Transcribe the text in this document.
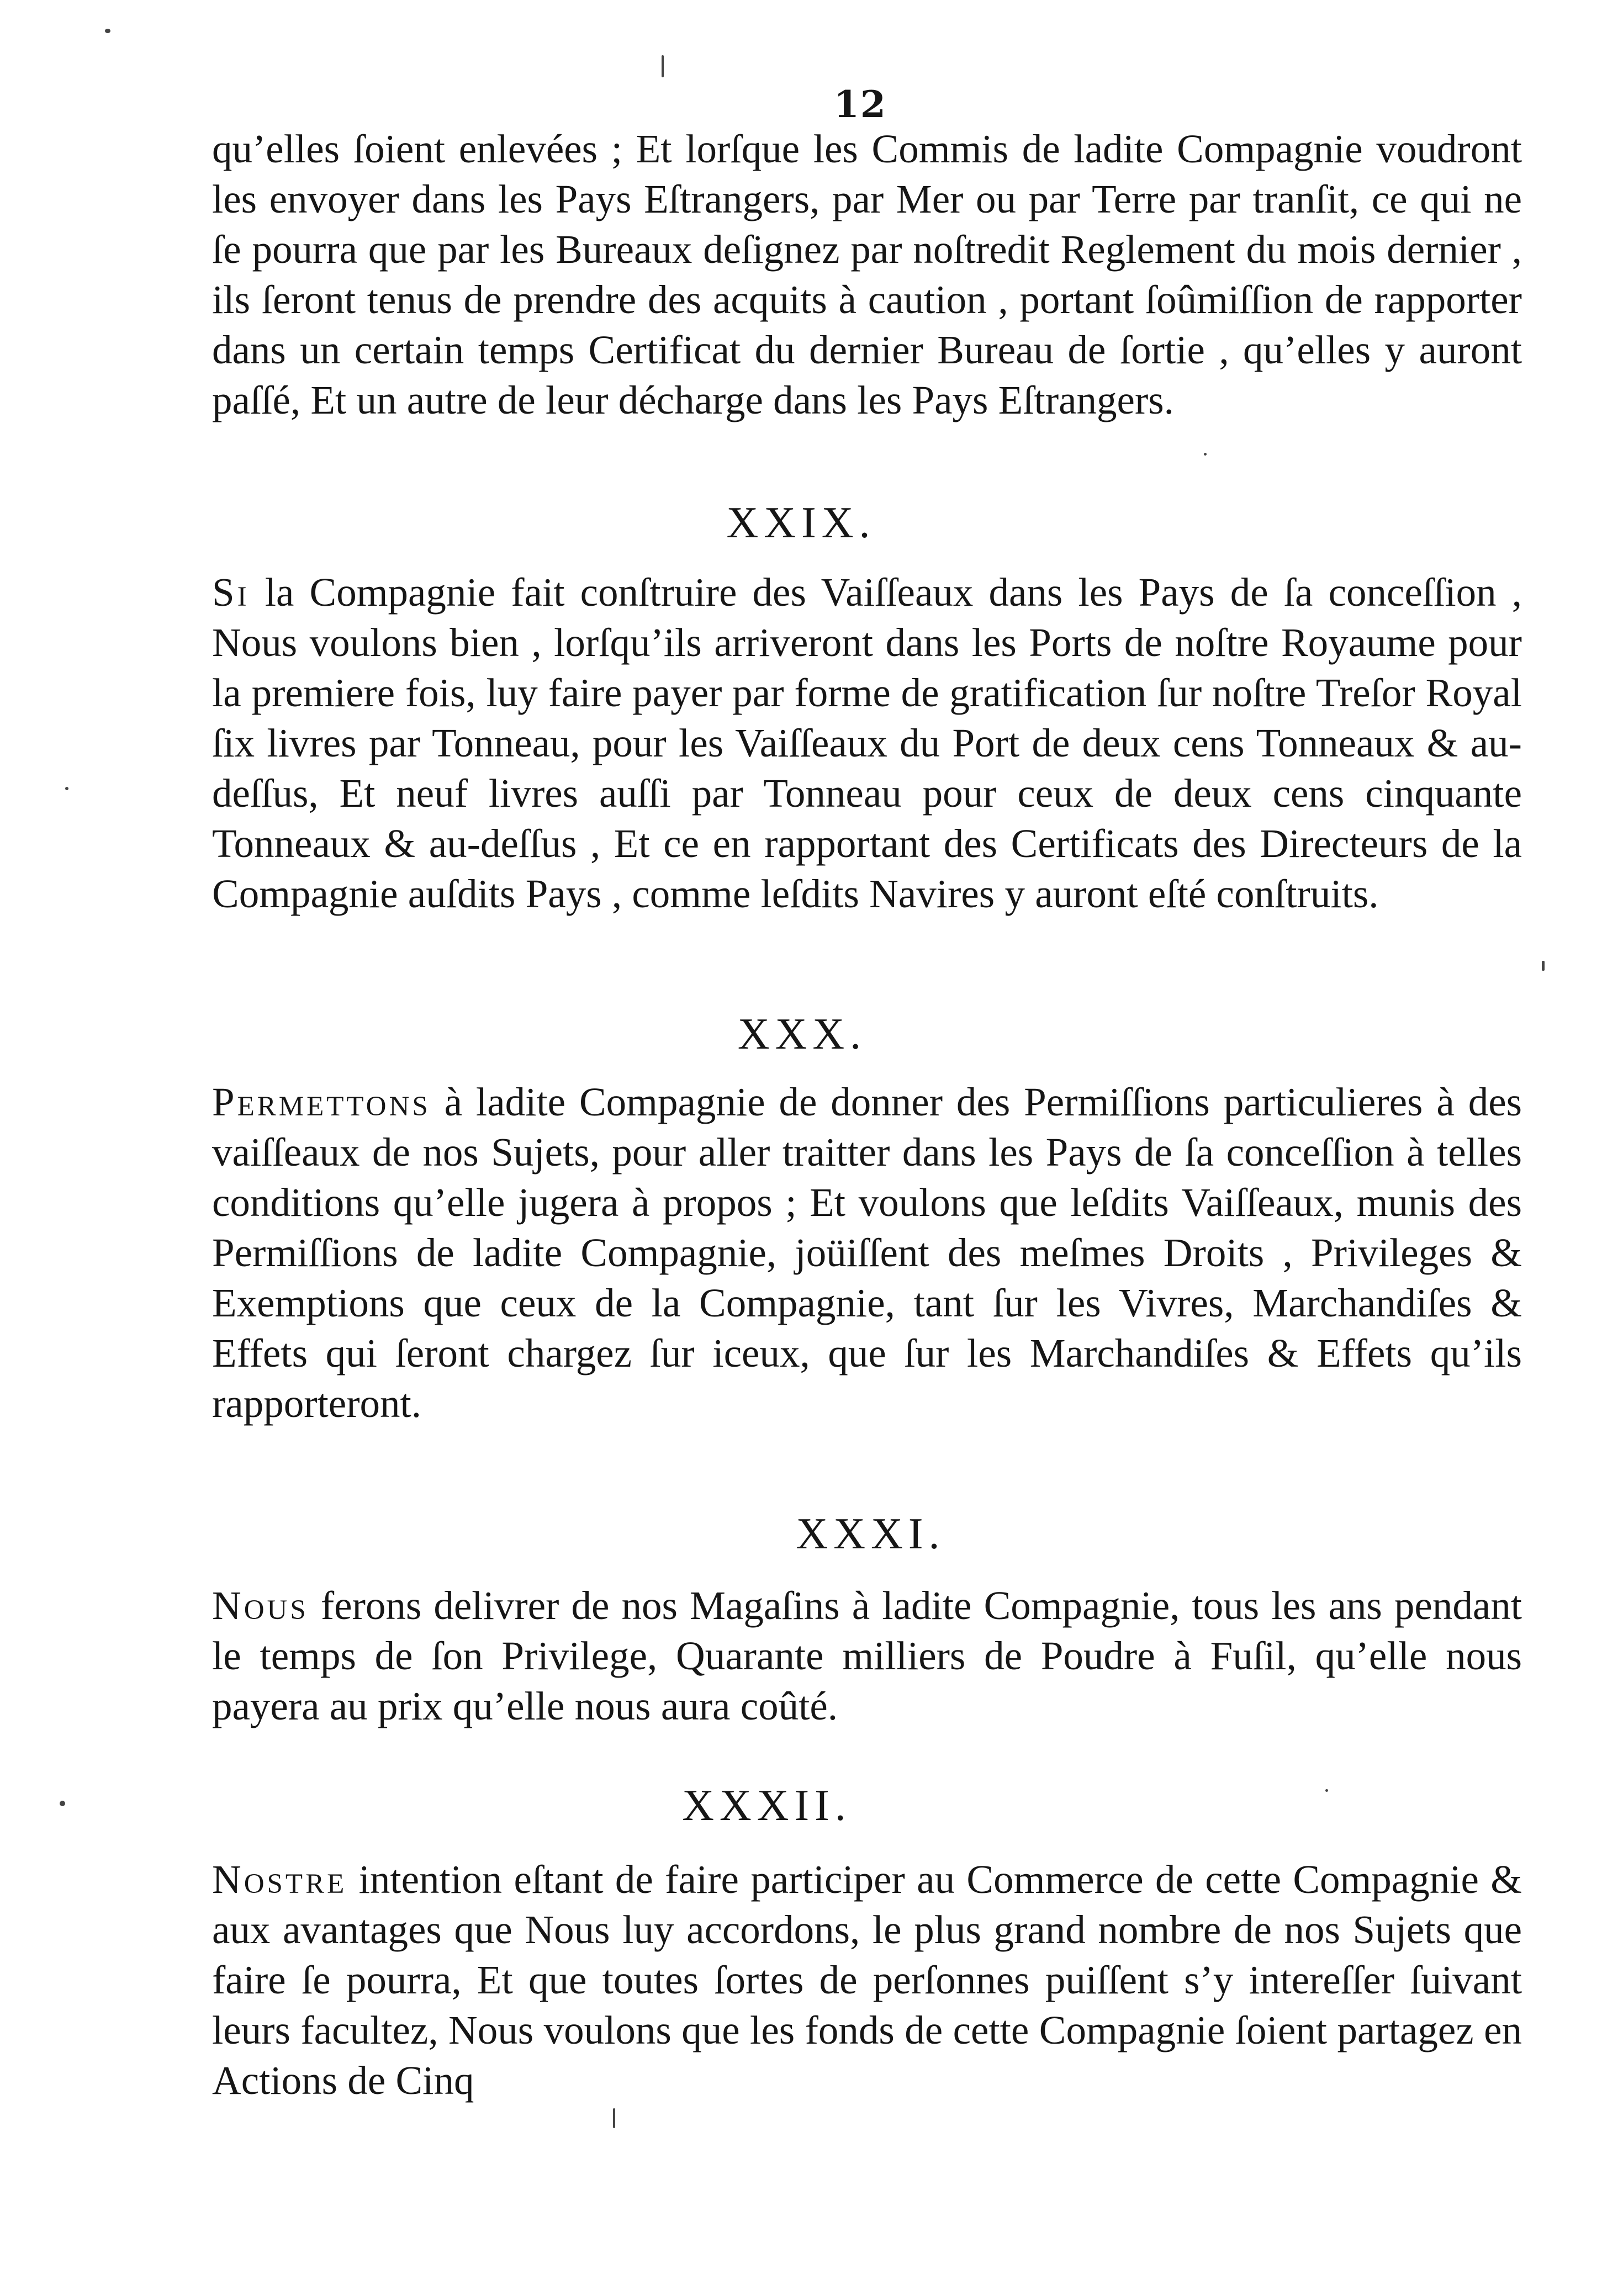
12

qu’elles ſoient enlevées ; Et lorſque les Commis de ladite Compagnie voudront les envoyer dans les Pays Eſtrangers, par Mer ou par Terre par tranſit, ce qui ne ſe pourra que par les Bureaux deſignez par noſtredit Reglement du mois dernier , ils ſeront tenus de prendre des acquits à caution , portant ſoûmiſſion de rapporter dans un certain temps Certificat du dernier Bureau de ſortie , qu’elles y auront paſſé, Et un autre de leur décharge dans les Pays Eſtrangers.

XXIX.

Si la Compagnie fait conſtruire des Vaiſſeaux dans les Pays de ſa conceſſion , Nous voulons bien , lorſqu’ils arriveront dans les Ports de noſtre Royaume pour la premiere fois, luy faire payer par forme de gratification ſur noſtre Treſor Royal ſix livres par Tonneau, pour les Vaiſſeaux du Port de deux cens Tonneaux & au-deſſus, Et neuf livres auſſi par Tonneau pour ceux de deux cens cinquante Tonneaux & au-deſſus , Et ce en rapportant des Certificats des Directeurs de la Compagnie auſdits Pays , comme leſdits Navires y auront eſté conſtruits.

XXX.

Permettons à ladite Compagnie de donner des Permiſſions particulieres à des vaiſſeaux de nos Sujets, pour aller traitter dans les Pays de ſa conceſſion à telles conditions qu’elle jugera à propos ; Et voulons que leſdits Vaiſſeaux, munis des Permiſſions de ladite Compagnie, joüiſſent des meſmes Droits , Privileges & Exemptions que ceux de la Compagnie, tant ſur les Vivres, Marchandiſes & Effets qui ſeront chargez ſur iceux, que ſur les Marchandiſes & Effets qu’ils rapporteront.

XXXI.

Nous ferons delivrer de nos Magaſins à ladite Compagnie, tous les ans pendant le temps de ſon Privilege, Quarante milliers de Poudre à Fuſil, qu’elle nous payera au prix qu’elle nous aura coûté.

XXXII.

Nostre intention eſtant de faire participer au Commerce de cette Compagnie & aux avantages que Nous luy accordons, le plus grand nombre de nos Sujets que faire ſe pourra, Et que toutes ſortes de perſonnes puiſſent s’y intereſſer ſuivant leurs facultez, Nous voulons que les fonds de cette Compagnie ſoient partagez en Actions de Cinq
